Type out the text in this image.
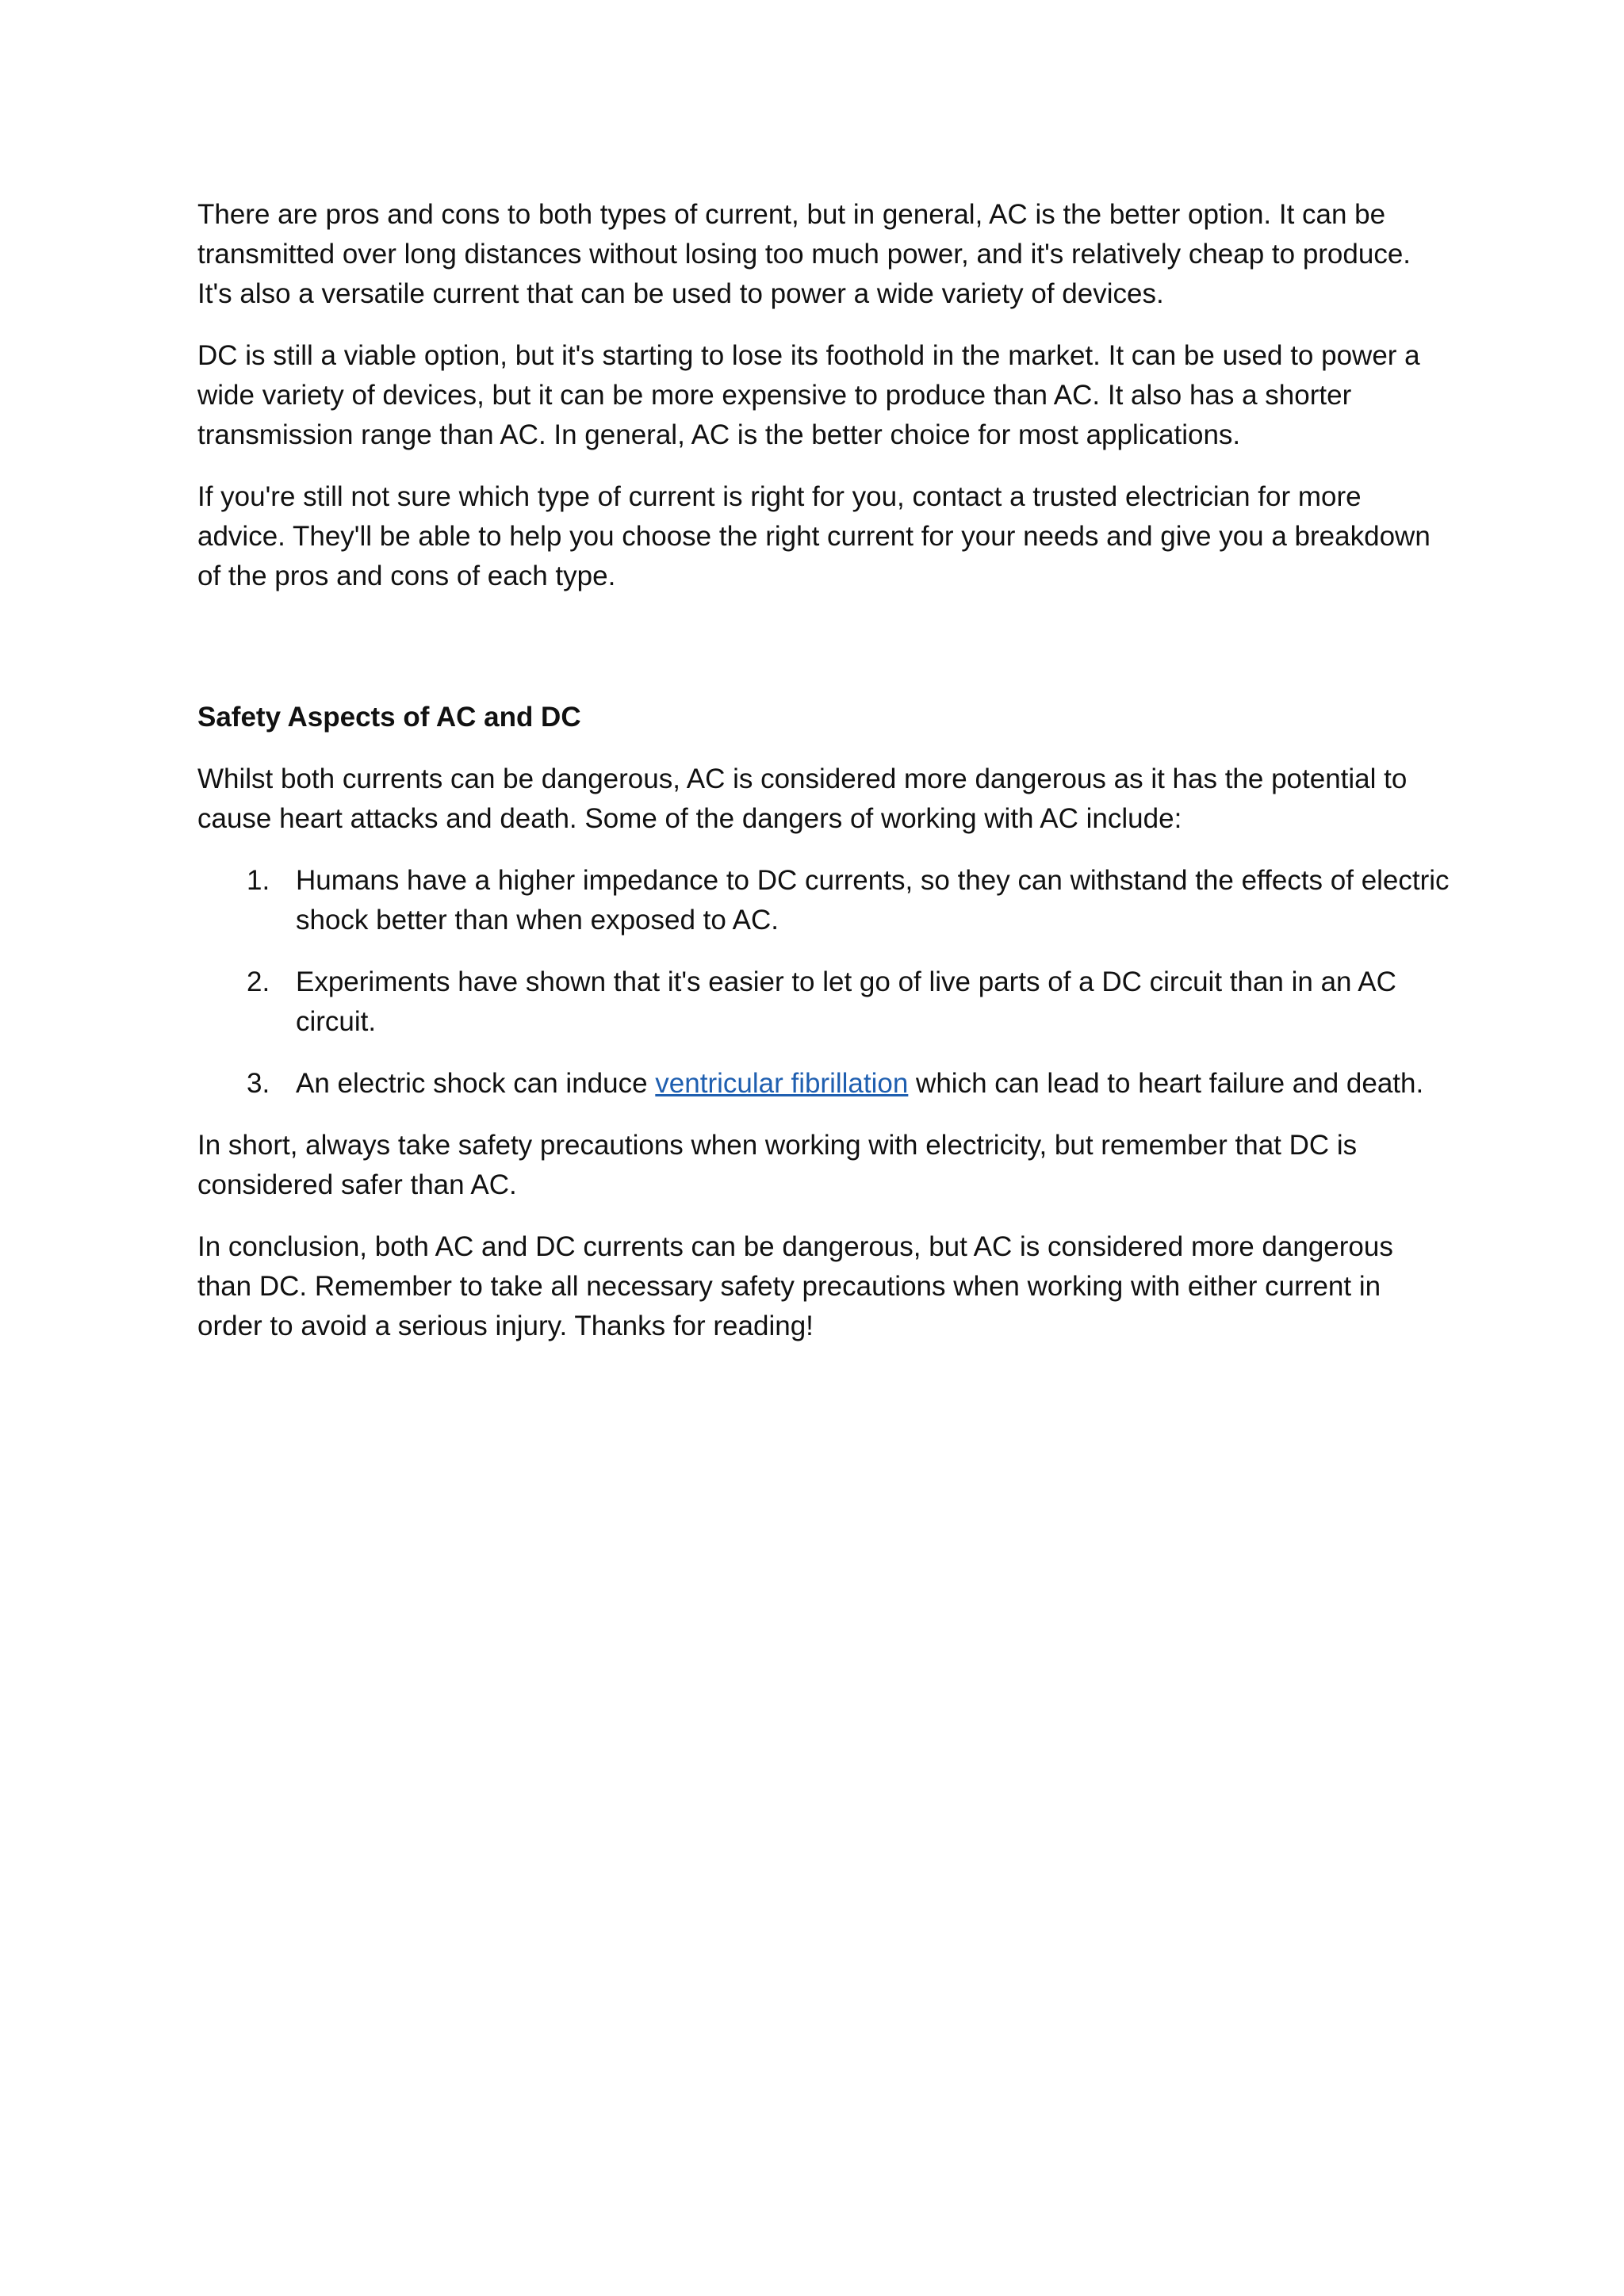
There are pros and cons to both types of current, but in general, AC is the better option. It can be transmitted over long distances without losing too much power, and it's relatively cheap to produce. It's also a versatile current that can be used to power a wide variety of devices.

DC is still a viable option, but it's starting to lose its foothold in the market. It can be used to power a wide variety of devices, but it can be more expensive to produce than AC. It also has a shorter transmission range than AC. In general, AC is the better choice for most applications.

If you're still not sure which type of current is right for you, contact a trusted electrician for more advice. They'll be able to help you choose the right current for your needs and give you a breakdown of the pros and cons of each type.

Safety Aspects of AC and DC

Whilst both currents can be dangerous, AC is considered more dangerous as it has the potential to cause heart attacks and death. Some of the dangers of working with AC include:

1. Humans have a higher impedance to DC currents, so they can withstand the effects of electric shock better than when exposed to AC.
2. Experiments have shown that it's easier to let go of live parts of a DC circuit than in an AC circuit.
3. An electric shock can induce ventricular fibrillation which can lead to heart failure and death.

In short, always take safety precautions when working with electricity, but remember that DC is considered safer than AC.

In conclusion, both AC and DC currents can be dangerous, but AC is considered more dangerous than DC. Remember to take all necessary safety precautions when working with either current in order to avoid a serious injury. Thanks for reading!
